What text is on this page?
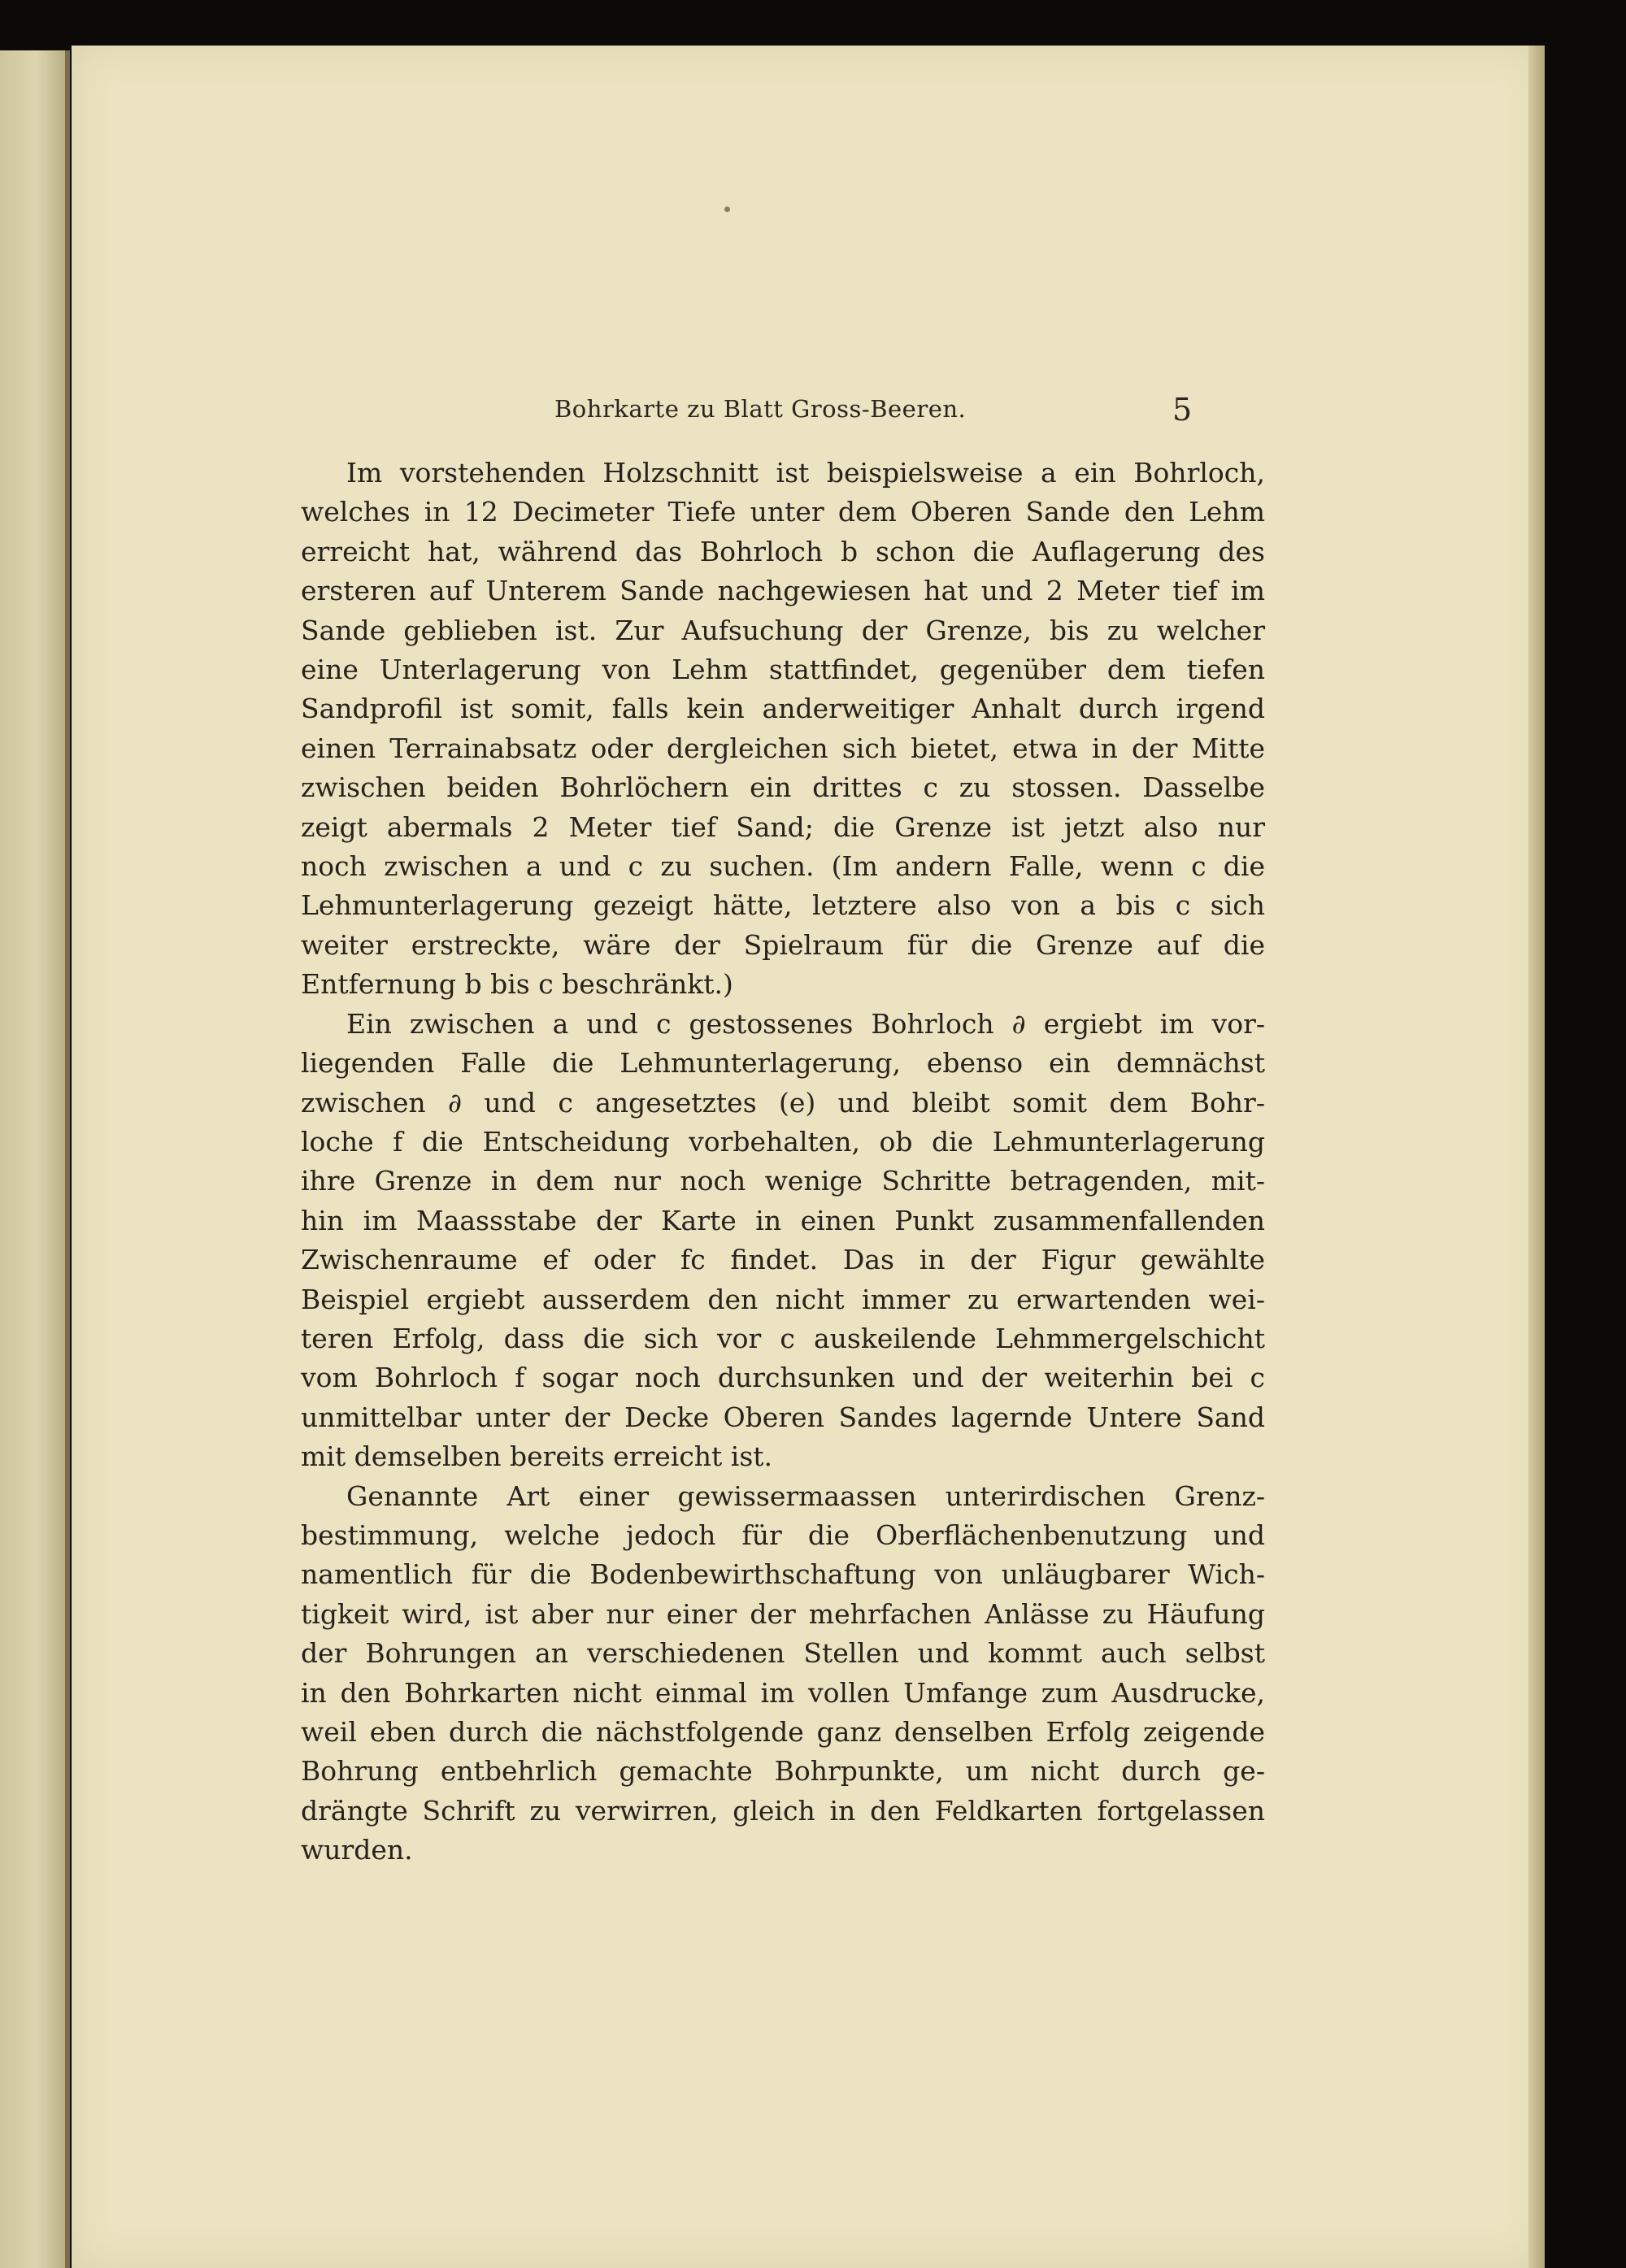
Bohrkarte zu Blatt Gross-Beeren.	5

Im vorstehenden Holzschnitt ist beispielsweise a ein Bohrloch,
welches in 12 Decimeter Tiefe unter dem Oberen Sande den Lehm
erreicht hat, während das Bohrloch b schon die Auflagerung des
ersteren auf Unterem Sande nachgewiesen hat und 2 Meter tief im
Sande geblieben ist. Zur Aufsuchung der Grenze, bis zu welcher
eine Unterlagerung von Lehm stattfindet, gegenüber dem tiefen
Sandprofil ist somit, falls kein anderweitiger Anhalt durch irgend
einen Terrainabsatz oder dergleichen sich bietet, etwa in der Mitte
zwischen beiden Bohrlöchern ein drittes c zu stossen. Dasselbe
zeigt abermals 2 Meter tief Sand; die Grenze ist jetzt also nur
noch zwischen a und c zu suchen. (Im andern Falle, wenn c die
Lehmunterlagerung gezeigt hätte, letztere also von a bis c sich
weiter erstreckte, wäre der Spielraum für die Grenze auf die
Entfernung b bis c beschränkt.)

Ein zwischen a und c gestossenes Bohrloch ∂ ergiebt im vor-
liegenden Falle die Lehmunterlagerung, ebenso ein demnächst
zwischen ∂ und c angesetztes (e) und bleibt somit dem Bohr-
loche f die Entscheidung vorbehalten, ob die Lehmunterlagerung
ihre Grenze in dem nur noch wenige Schritte betragenden, mit-
hin im Maassstabe der Karte in einen Punkt zusammenfallenden
Zwischenraume ef oder fc findet. Das in der Figur gewählte
Beispiel ergiebt ausserdem den nicht immer zu erwartenden wei-
teren Erfolg, dass die sich vor c auskeilende Lehmmergelschicht
vom Bohrloch f sogar noch durchsunken und der weiterhin bei c
unmittelbar unter der Decke Oberen Sandes lagernde Untere Sand
mit demselben bereits erreicht ist.

Genannte Art einer gewissermaassen unterirdischen Grenz-
bestimmung, welche jedoch für die Oberflächenbenutzung und
namentlich für die Bodenbewirthschaftung von unläugbarer Wich-
tigkeit wird, ist aber nur einer der mehrfachen Anlässe zu Häufung
der Bohrungen an verschiedenen Stellen und kommt auch selbst
in den Bohrkarten nicht einmal im vollen Umfange zum Ausdrucke,
weil eben durch die nächstfolgende ganz denselben Erfolg zeigende
Bohrung entbehrlich gemachte Bohrpunkte, um nicht durch ge-
drängte Schrift zu verwirren, gleich in den Feldkarten fortgelassen
wurden.
